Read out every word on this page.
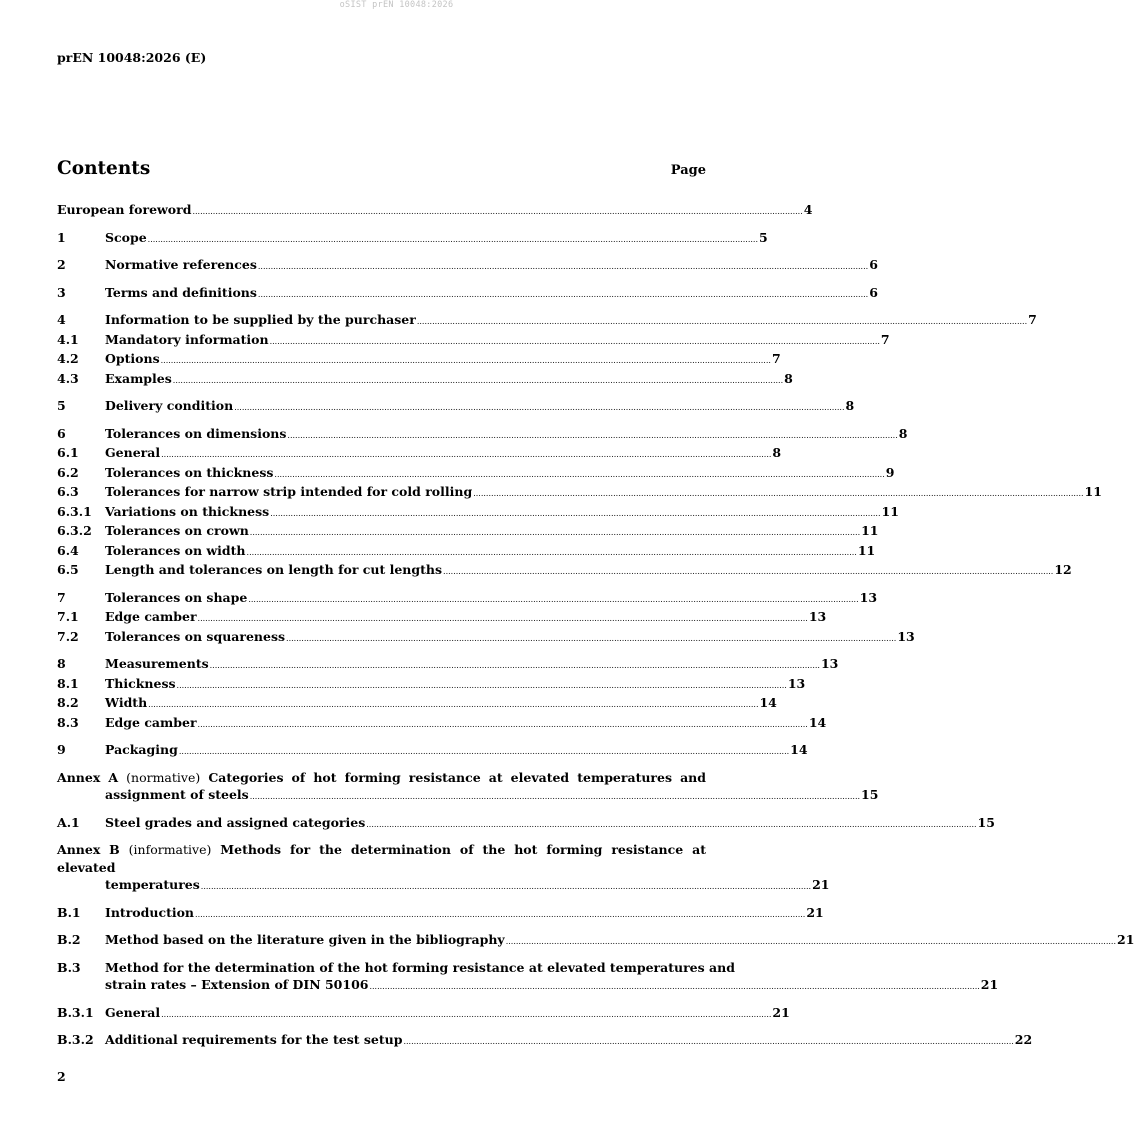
oSIST prEN 10048:2026
prEN 10048:2026 (E)
Contents	Page
European foreword .....	4
1	Scope .....	5
2	Normative references .....	6
3	Terms and definitions .....	6
4	Information to be supplied by the purchaser .....	7
4.1	Mandatory information .....	7
4.2	Options .....	7
4.3	Examples .....	8
5	Delivery condition .....	8
6	Tolerances on dimensions .....	8
6.1	General .....	8
6.2	Tolerances on thickness .....	9
6.3	Tolerances for narrow strip intended for cold rolling .....	11
6.3.1	Variations on thickness .....	11
6.3.2	Tolerances on crown .....	11
6.4	Tolerances on width .....	11
6.5	Length and tolerances on length for cut lengths .....	12
7	Tolerances on shape .....	13
7.1	Edge camber .....	13
7.2	Tolerances on squareness .....	13
8	Measurements .....	13
8.1	Thickness .....	13
8.2	Width .....	14
8.3	Edge camber .....	14
9	Packaging .....	14
Annex A (normative) Categories of hot forming resistance at elevated temperatures and
assignment of steels .....	15
A.1	Steel grades and assigned categories .....	15
Annex B (informative) Methods for the determination of the hot forming resistance at elevated
temperatures .....	21
B.1	Introduction .....	21
B.2	Method based on the literature given in the bibliography .....	21
B.3	Method for the determination of the hot forming resistance at elevated temperatures and
strain rates – Extension of DIN 50106 .....	21
B.3.1 General .....	21
B.3.2 Additional requirements for the test setup .....	22
2
